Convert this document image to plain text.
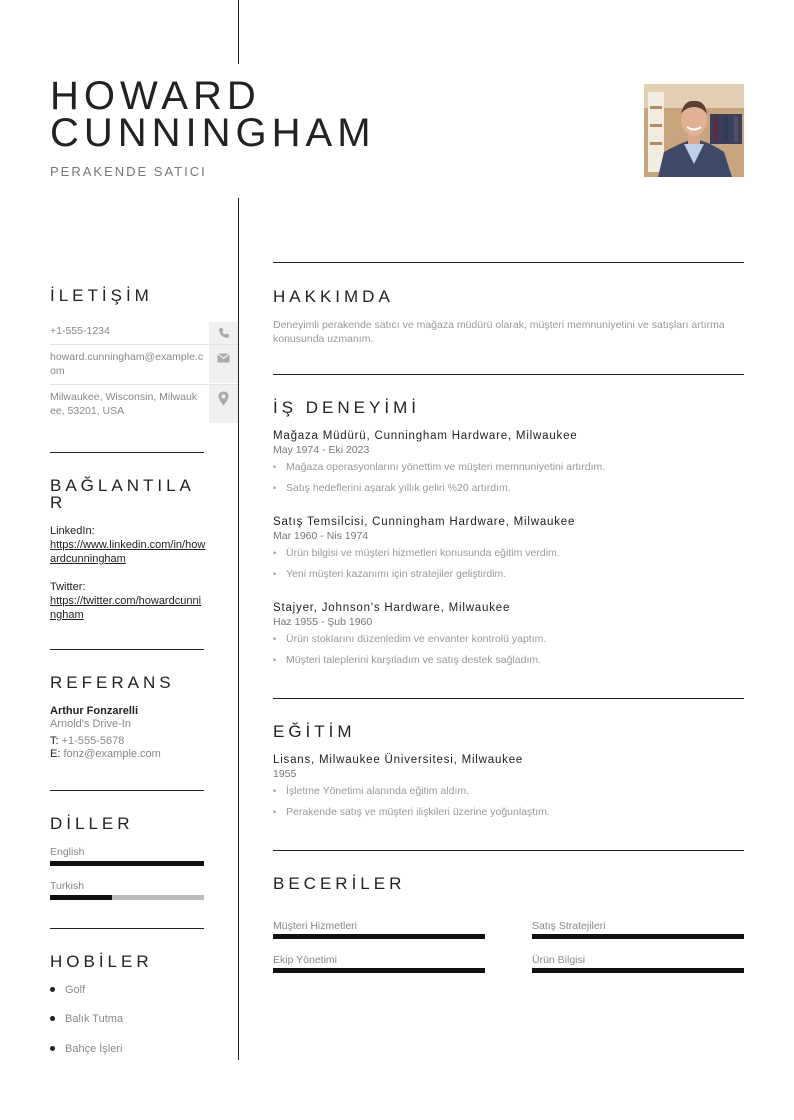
HOWARD
CUNNINGHAM
PERAKENDE SATICI
İLETİŞİM
+1-555-1234
howard.cunningham@example.com
Milwaukee, Wisconsin, Milwaukee, 53201, USA
BAĞLANTILAR
LinkedIn:
https://www.linkedin.com/in/howardcunningham
Twitter:
https://twitter.com/howardcunningham
REFERANS
Arthur Fonzarelli
Arnold's Drive-In
T: +1-555-5678
E: fonz@example.com
DİLLER
English
Turkish
HOBİLER
Golf
Balık Tutma
Bahçe İşleri
HAKKIMDA
Deneyimli perakende satıcı ve mağaza müdürü olarak, müşteri memnuniyetini ve satışları artırma konusunda uzmanım.
İŞ DENEYİMİ
Mağaza Müdürü, Cunningham Hardware, Milwaukee
May 1974 - Eki 2023
• Mağaza operasyonlarını yönettim ve müşteri memnuniyetini artırdım.
• Satış hedeflerini aşarak yıllık geliri %20 artırdım.
Satış Temsilcisi, Cunningham Hardware, Milwaukee
Mar 1960 - Nis 1974
• Ürün bilgisi ve müşteri hizmetleri konusunda eğitim verdim.
• Yeni müşteri kazanımı için stratejiler geliştirdim.
Stajyer, Johnson's Hardware, Milwaukee
Haz 1955 - Şub 1960
• Ürün stoklarını düzenledim ve envanter kontrolü yaptım.
• Müşteri taleplerini karşıladım ve satış destek sağladım.
EĞİTİM
Lisans, Milwaukee Üniversitesi, Milwaukee
1955
• İşletme Yönetimi alanında eğitim aldım.
• Perakende satış ve müşteri ilişkileri üzerine yoğunlaştım.
BECERİLER
Müşteri Hizmetleri	Satış Stratejileri
Ekip Yönetimi	Ürün Bilgisi
